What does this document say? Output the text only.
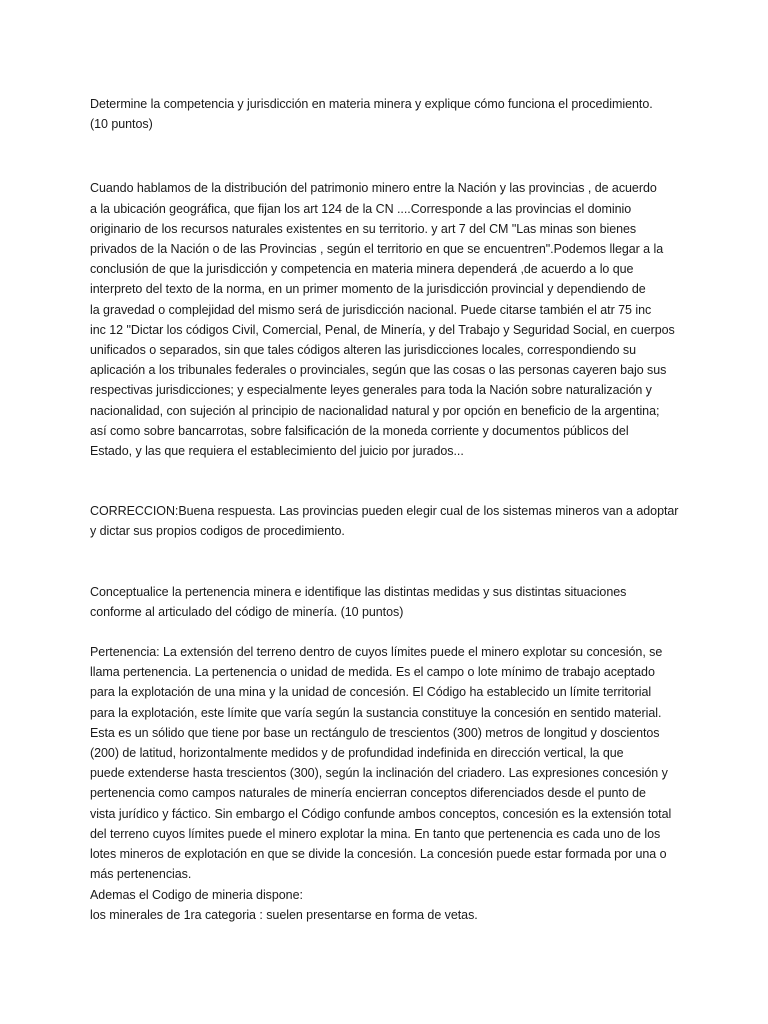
Determine la competencia y jurisdicción en materia minera y explique cómo funciona el procedimiento.
(10 puntos)

Cuando hablamos de la distribución del patrimonio minero entre la Nación y las provincias , de acuerdo
a la ubicación geográfica, que fijan los art 124 de la CN ....Corresponde a las provincias el dominio
originario de los recursos naturales existentes en su territorio. y art 7 del CM "Las minas son bienes
privados de la Nación o de las Provincias , según el territorio en que se encuentren".Podemos llegar a la
conclusión de que la jurisdicción y competencia en materia minera dependerá ,de acuerdo a lo que
interpreto del texto de la norma, en un primer momento de la jurisdicción provincial y dependiendo de
la gravedad o complejidad del mismo será de jurisdicción nacional. Puede citarse también el atr 75 inc
inc 12 "Dictar los códigos Civil, Comercial, Penal, de Minería, y del Trabajo y Seguridad Social, en cuerpos
unificados o separados, sin que tales códigos alteren las jurisdicciones locales, correspondiendo su
aplicación a los tribunales federales o provinciales, según que las cosas o las personas cayeren bajo sus
respectivas jurisdicciones; y especialmente leyes generales para toda la Nación sobre naturalización y
nacionalidad, con sujeción al principio de nacionalidad natural y por opción en beneficio de la argentina;
así como sobre bancarrotas, sobre falsificación de la moneda corriente y documentos públicos del
Estado, y las que requiera el establecimiento del juicio por jurados...

CORRECCION:Buena respuesta. Las provincias pueden elegir cual de los sistemas mineros van a adoptar
y dictar sus propios codigos de procedimiento.

Conceptualice la pertenencia minera e identifique las distintas medidas y sus distintas situaciones
conforme al articulado del código de minería. (10 puntos)

Pertenencia: La extensión del terreno dentro de cuyos límites puede el minero explotar su concesión, se
llama pertenencia. La pertenencia o unidad de medida. Es el campo o lote mínimo de trabajo aceptado
para la explotación de una mina y la unidad de concesión. El Código ha establecido un límite territorial
para la explotación, este límite que varía según la sustancia constituye la concesión en sentido material.
Esta es un sólido que tiene por base un rectángulo de trescientos (300) metros de longitud y doscientos
(200) de latitud, horizontalmente medidos y de profundidad indefinida en dirección vertical, la que
puede extenderse hasta trescientos (300), según la inclinación del criadero. Las expresiones concesión y
pertenencia como campos naturales de minería encierran conceptos diferenciados desde el punto de
vista jurídico y fáctico. Sin embargo el Código confunde ambos conceptos, concesión es la extensión total
del terreno cuyos límites puede el minero explotar la mina. En tanto que pertenencia es cada uno de los
lotes mineros de explotación en que se divide la concesión. La concesión puede estar formada por una o
más pertenencias.
Ademas el Codigo de mineria dispone:
los minerales de 1ra categoria : suelen presentarse en forma de vetas.
